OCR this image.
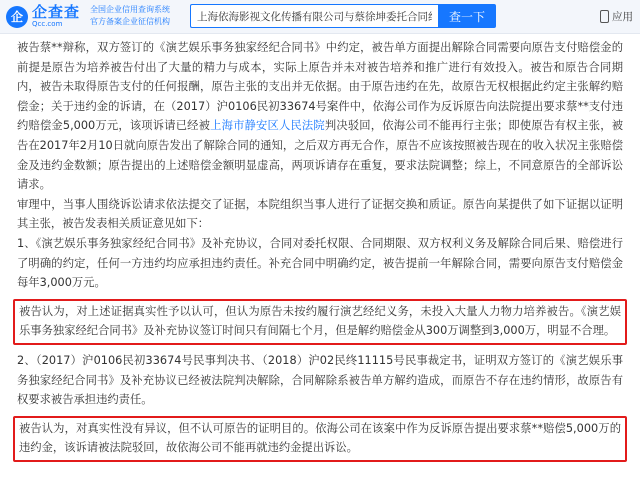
企 企查查
Qcc.com
全国企业信用查询系统
官方备案企业征信机构
上海依海影视文化传播有限公司与蔡徐坤委托合同纠纷	查一下	应用

被告蔡**辩称，双方签订的《演艺娱乐事务独家经纪合同书》中约定，被告单方面提出解除合同需要向原告支付赔偿金的前提是原告为培养被告付出了大量的精力与成本，实际上原告并未对被告培养和推广进行有效投入。被告和原告合同期内，被告未取得原告支付的任何报酬，原告主张的支出并无依据。由于原告违约在先，故原告无权根据此约定主张解约赔偿金；关于违约金的诉请，在（2017）沪0106民初33674号案件中，依海公司作为反诉原告向法院提出要求蔡**支付违约赔偿金5,000万元，该项诉请已经被上海市静安区人民法院判决驳回，依海公司不能再行主张；即使原告有权主张，被告在2017年2月10日就向原告发出了解除合同的通知，之后双方再无合作，原告不应该按照被告现在的收入状况主张赔偿金及违约金数额；原告提出的上述赔偿金额明显虚高，两项诉请存在重复，要求法院调整；综上，不同意原告的全部诉讼请求。

审理中，当事人围绕诉讼请求依法提交了证据，本院组织当事人进行了证据交换和质证。原告向某提供了如下证据以证明其主张，被告发表相关质证意见如下：

1、《演艺娱乐事务独家经纪合同书》及补充协议，合同对委托权限、合同期限、双方权利义务及解除合同后果、赔偿进行了明确的约定，任何一方违约均应承担违约责任。补充合同中明确约定，被告提前一年解除合同，需要向原告支付赔偿金每年3,000万元。

被告认为，对上述证据真实性予以认可，但认为原告未按约履行演艺经纪义务，未投入大量人力物力培养被告。《演艺娱乐事务独家经纪合同书》及补充协议签订时间只有间隔七个月，但是解约赔偿金从300万调整到3,000万，明显不合理。

2、（2017）沪0106民初33674号民事判决书、（2018）沪02民终11115号民事裁定书，证明双方签订的《演艺娱乐事务独家经纪合同书》及补充协议已经被法院判决解除，合同解除系被告单方解约造成，而原告不存在违约情形，故原告有权要求被告承担违约责任。

被告认为，对真实性没有异议，但不认可原告的证明目的。依海公司在该案中作为反诉原告提出要求蔡**赔偿5,000万的违约金，该诉请被法院驳回，故依海公司不能再就违约金提出诉讼。
